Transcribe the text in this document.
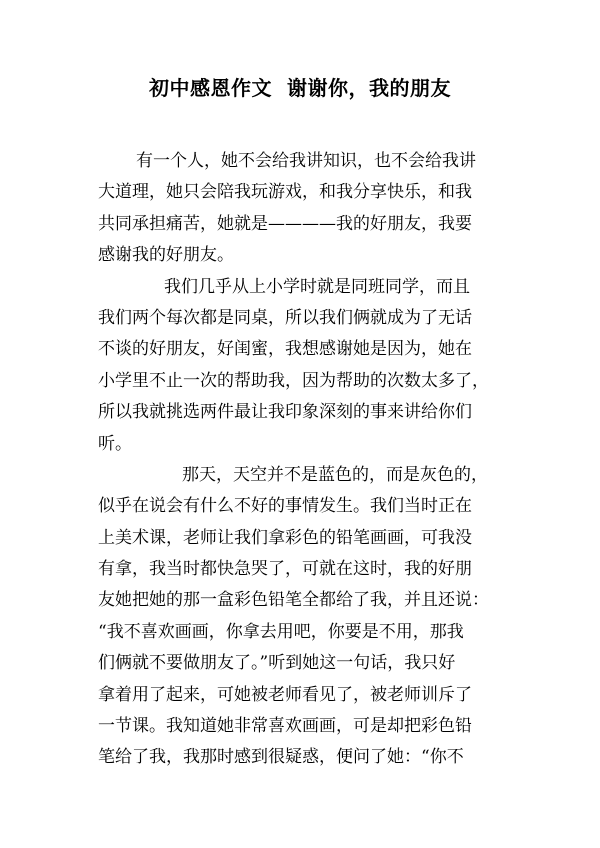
初中感恩作文  谢谢你，我的朋友
有一个人，她不会给我讲知识，也不会给我讲
大道理，她只会陪我玩游戏，和我分享快乐，和我
共同承担痛苦，她就是————我的好朋友，我要
感谢我的好朋友。
我们几乎从上小学时就是同班同学，而且
我们两个每次都是同桌，所以我们俩就成为了无话
不谈的好朋友，好闺蜜，我想感谢她是因为，她在
小学里不止一次的帮助我，因为帮助的次数太多了，
所以我就挑选两件最让我印象深刻的事来讲给你们
听。
那天，天空并不是蓝色的，而是灰色的，
似乎在说会有什么不好的事情发生。我们当时正在
上美术课，老师让我们拿彩色的铅笔画画，可我没
有拿，我当时都快急哭了，可就在这时，我的好朋
友她把她的那一盒彩色铅笔全都给了我，并且还说：
“我不喜欢画画，你拿去用吧，你要是不用，那我
们俩就不要做朋友了。”听到她这一句话，我只好
拿着用了起来，可她被老师看见了，被老师训斥了
一节课。我知道她非常喜欢画画，可是却把彩色铅
笔给了我，我那时感到很疑惑，便问了她：“你不
